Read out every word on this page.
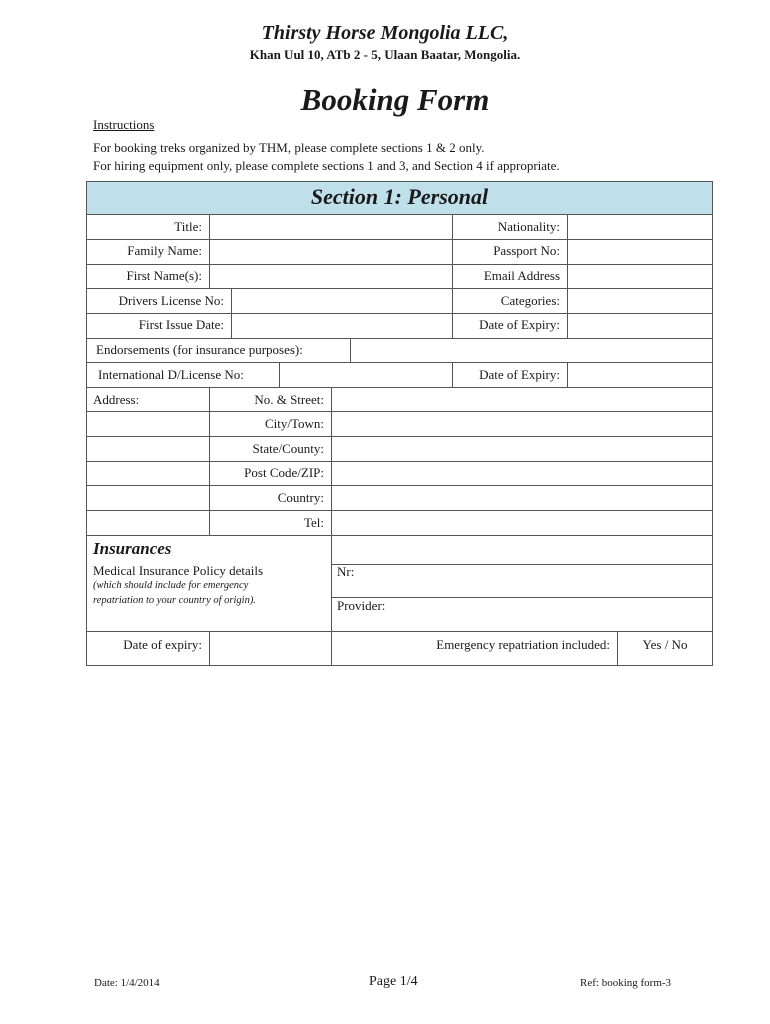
Thirsty Horse Mongolia LLC,
Khan Uul 10, ATb 2 - 5, Ulaan Baatar, Mongolia.
Booking Form
Instructions
For booking treks organized by THM, please complete sections 1 & 2 only.
For hiring equipment only, please complete sections 1 and 3, and Section 4 if appropriate.
Section 1: Personal
Title:	Nationality:
Family Name:	Passport No:
First Name(s):	Email Address
Drivers License No:	Categories:
First Issue Date:	Date of Expiry:
Endorsements (for insurance purposes):
International D/License No:	Date of Expiry:
Address:	No. & Street:
City/Town:
State/County:
Post Code/ZIP:
Country:
Tel:
Insurances
Medical Insurance Policy details
(which should include for emergency
repatriation to your country of origin).
Nr:
Provider:
Date of expiry:	Emergency repatriation included:	Yes / No
Date: 1/4/2014	Page 1/4	Ref: booking form-3
